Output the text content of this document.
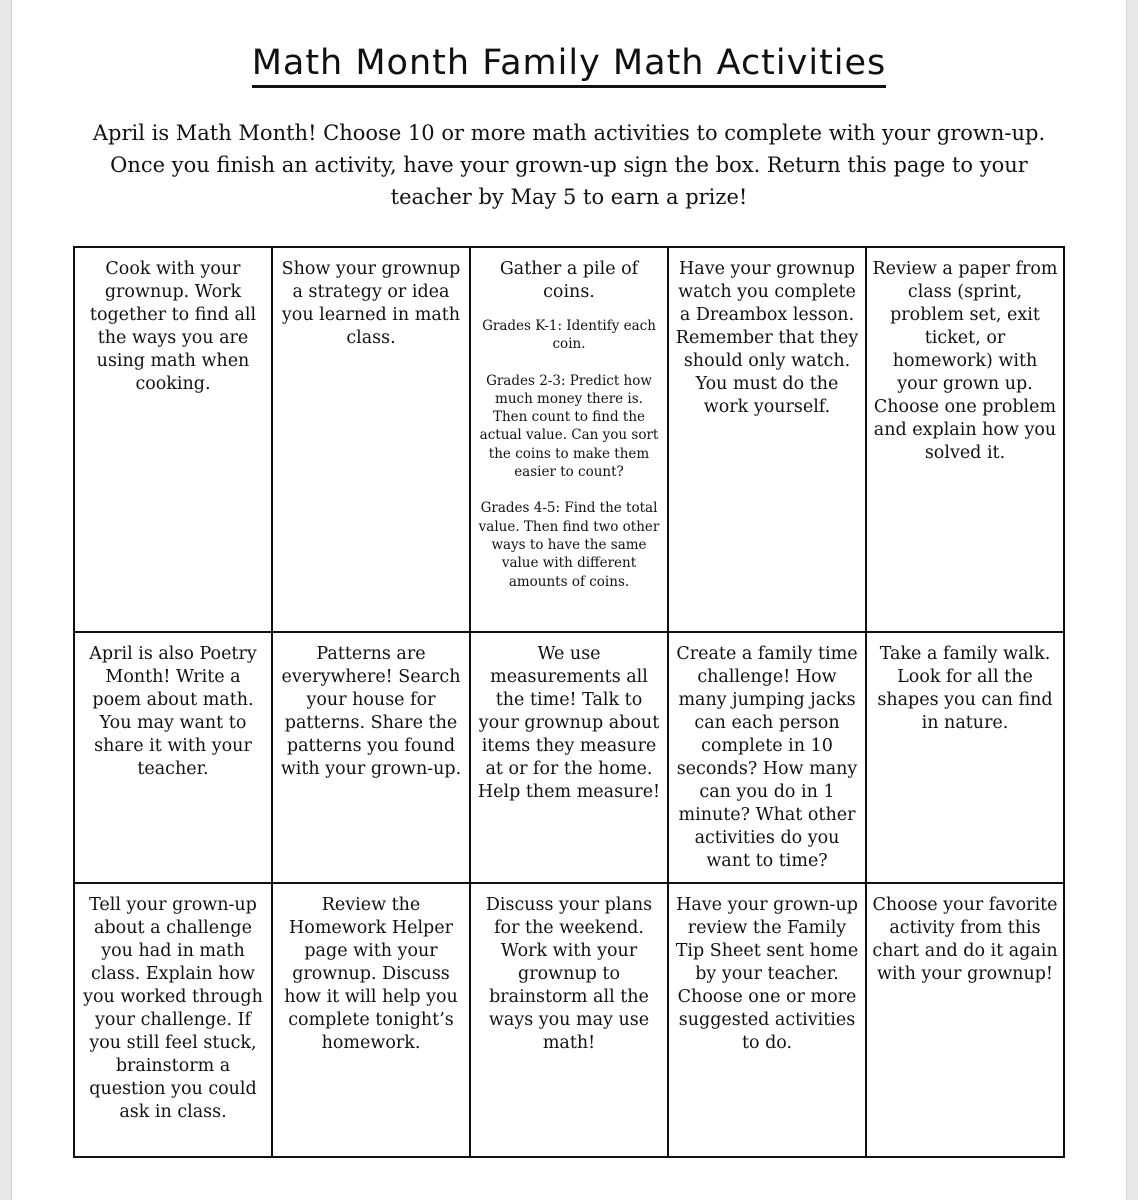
Math Month Family Math Activities
April is Math Month! Choose 10 or more math activities to complete with your grown-up. Once you finish an activity, have your grown-up sign the box. Return this page to your teacher by May 5 to earn a prize!
Cook with your grownup. Work together to find all the ways you are using math when cooking.	Show your grownup a strategy or idea you learned in math class.	Gather a pile of coins.
Grades K-1: Identify each coin.
Grades 2-3: Predict how much money there is. Then count to find the actual value. Can you sort the coins to make them easier to count?
Grades 4-5: Find the total value. Then find two other ways to have the same value with different amounts of coins.	Have your grownup watch you complete a Dreambox lesson. Remember that they should only watch. You must do the work yourself.	Review a paper from class (sprint, problem set, exit ticket, or homework) with your grown up. Choose one problem and explain how you solved it.

April is also Poetry Month! Write a poem about math. You may want to share it with your teacher.	Patterns are everywhere! Search your house for patterns. Share the patterns you found with your grown-up.	We use measurements all the time! Talk to your grownup about items they measure at or for the home. Help them measure!	Create a family time challenge! How many jumping jacks can each person complete in 10 seconds? How many can you do in 1 minute? What other activities do you want to time?	Take a family walk. Look for all the shapes you can find in nature.

Tell your grown-up about a challenge you had in math class. Explain how you worked through your challenge. If you still feel stuck, brainstorm a question you could ask in class.	Review the Homework Helper page with your grownup. Discuss how it will help you complete tonight’s homework.	Discuss your plans for the weekend. Work with your grownup to brainstorm all the ways you may use math!	Have your grown-up review the Family Tip Sheet sent home by your teacher. Choose one or more suggested activities to do.	Choose your favorite activity from this chart and do it again with your grownup!
